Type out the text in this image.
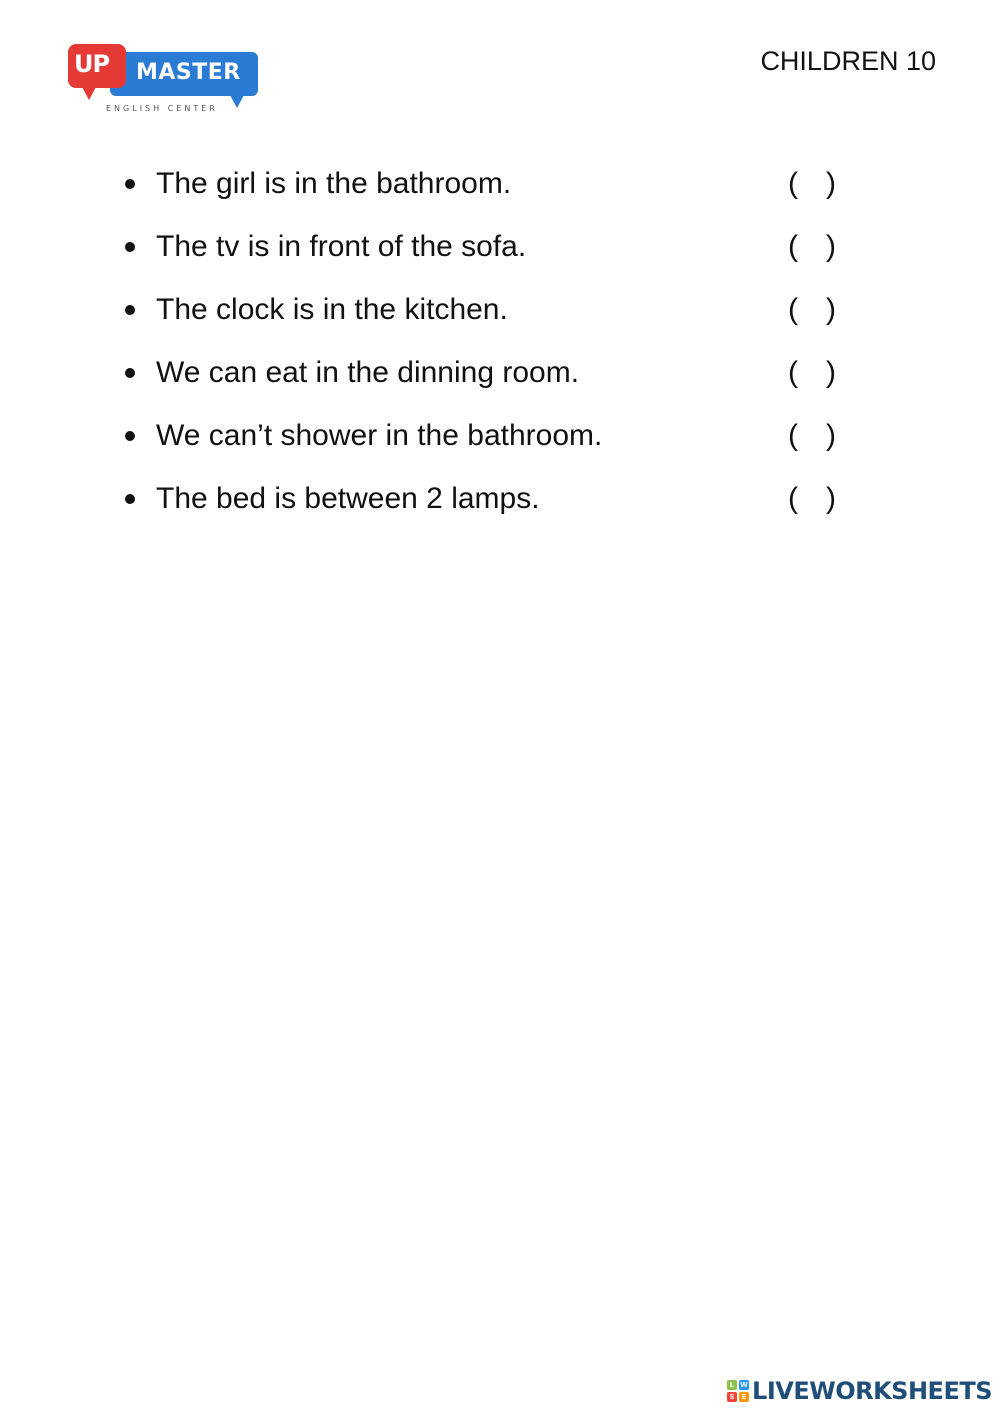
UP MASTER
ENGLISH CENTER
CHILDREN 10
The girl is in the bathroom.	( )
The tv is in front of the sofa.	( )
The clock is in the kitchen.	( )
We can eat in the dinning room.	( )
We can’t shower in the bathroom.	( )
The bed is between 2 lamps.	( )
L W
S	E LIVEWORKSHEETS
